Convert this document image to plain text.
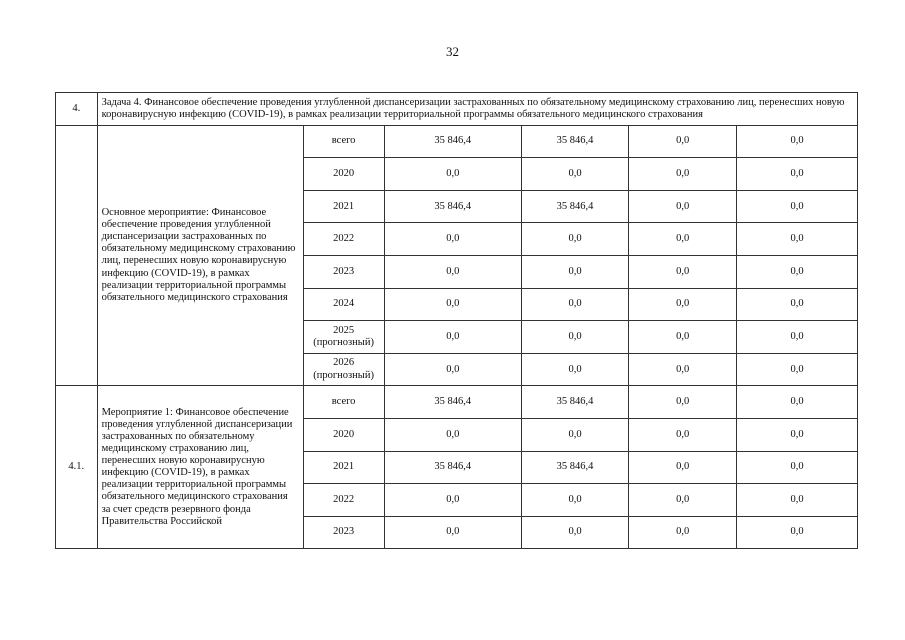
32
4.	Задача 4. Финансовое обеспечение проведения углубленной диспансеризации застрахованных по обязательному медицинскому страхованию лиц, перенесших новую коронавирусную инфекцию (COVID-19), в рамках реализации территориальной программы обязательного медицинского страхования					
	Основное мероприятие: Финансовое обеспечение проведения углубленной диспансеризации застрахованных по обязательному медицинскому страхованию лиц, перенесших новую коронавирусную инфекцию (COVID-19), в рамках реализации территориальной программы обязательного медицинского страхования	всего	35 846,4	35 846,4	0,0	0,0
		2020	0,0	0,0	0,0	0,0
		2021	35 846,4	35 846,4	0,0	0,0
		2022	0,0	0,0	0,0	0,0
		2023	0,0	0,0	0,0	0,0
		2024	0,0	0,0	0,0	0,0
		2025
(прогнозный)	0,0	0,0	0,0	0,0
		2026
(прогнозный)	0,0	0,0	0,0	0,0
4.1.	Мероприятие 1: Финансовое обеспечение проведения углубленной диспансеризации застрахованных по обязательному медицинскому страхованию лиц, перенесших новую коронавирусную инфекцию (COVID-19), в рамках реализации территориальной программы обязательного медицинского страхования за счет средств резервного фонда Правительства Российской	всего	35 846,4	35 846,4	0,0	0,0
		2020	0,0	0,0	0,0	0,0
		2021	35 846,4	35 846,4	0,0	0,0
		2022	0,0	0,0	0,0	0,0
		2023	0,0	0,0	0,0	0,0
